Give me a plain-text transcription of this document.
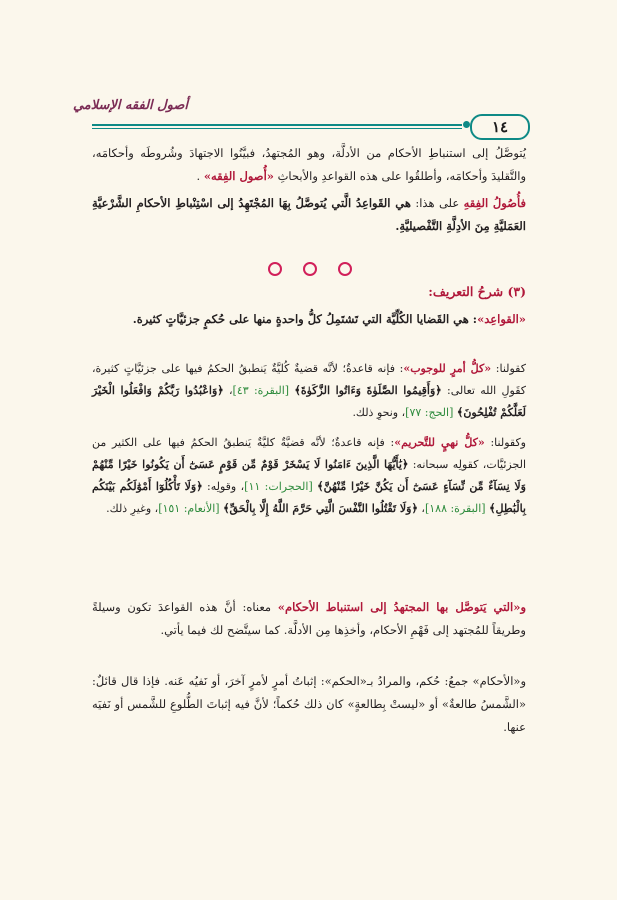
أصول الفقه الإسلامي
١٤

يُتوصَّلُ إلى استنباطِ الأحكام من الأدلَّة، وهو المُجتهدُ، فبيَّنُوا الاجتهادَ وشُروطَه وأحكامَه، والتَّقليدَ وأحكامَه، وأطلقُوا على هذه القواعدِ والأبحاثِ «أُصول الفِقه» .

فأُصُولُ الفِقهِ على هذا: هي القَواعِدُ الَّتي يُتوصَّلُ بِهَا المُجْتَهِدُ إلى اسْتِنْباطِ الأحكامِ الشَّرْعيَّةِ العَمَليَّةِ مِنَ الأدِلَّةِ التَّفْصيليَّةِ.

(٣) شرحُ التعريف:

«القواعِد»: هي القَضايا الكُلِّيَّة التي تَشتَمِلُ كلُّ واحدةٍ منها على حُكمٍ جزئيَّاتٍ كثيرة.

كقولنا: «كلُّ أمرٍ للوجوب»: فإنه قاعدةٌ؛ لأنَّه قضيةٌ كُليَّةٌ يَنطبقُ الحكمُ فيها على جزئيَّاتٍ كثيرة، كقَولِ الله تعالى: ﴿وَأَقِيمُوا الصَّلَوٰةَ وَءَاتُوا الزَّكَوٰةَ﴾ [البقرة: ٤٣]، ﴿وَاعْبُدُوا رَبَّكُمْ وَافْعَلُوا الْخَيْرَ لَعَلَّكُمْ تُفْلِحُونَ﴾ [الحج: ٧٧]، ونحوِ ذلك.

وكقولنا: «كلُّ نهيٍ للتَّحريم»: فإنه قاعدةٌ؛ لأنَّه قضيَّةٌ كليَّةٌ يَنطبقُ الحكمُ فيها على الكثير من الجزئيَّات، كقولِه سبحانه: ﴿يَٰأَيُّهَا الَّذِينَ ءَامَنُوا لَا يَسْخَرْ قَوْمٌ مِّن قَوْمٍ عَسَىٰٓ أَن يَكُونُوا خَيْرًا مِّنْهُمْ وَلَا نِسَآءٌ مِّن نِّسَآءٍ عَسَىٰٓ أَن يَكُنَّ خَيْرًا مِّنْهُنَّ﴾ [الحجرات: ١١]، وقولِه: ﴿وَلَا تَأْكُلُوٓا أَمْوَٰلَكُم بَيْنَكُم بِالْبَٰطِلِ﴾ [البقرة: ١٨٨]، ﴿وَلَا تَقْتُلُوا النَّفْسَ الَّتِي حَرَّمَ اللَّهُ إِلَّا بِالْحَقِّ﴾ [الأنعام: ١٥١]، وغيرِ ذلك.

و«التي يَتوصَّل بها المجتهدُ إلى استنباط الأحكام» معناه: أنَّ هذه القواعدَ تكون وسيلةً وطريقاً للمُجتهد إلى فَهْمِ الأحكام، وأخذِها مِن الأدلَّة. كما سيتَّضح لك فيما يأتي.

و«الأحكام» جمعُ: حُكم، والمرادُ بـ«الحكم»: إثباتُ أمرٍ لأمرٍ آخرَ، أو نَفيُه عَنه. فإذا قال قائلٌ: «الشَّمسُ طالعةٌ» أو «ليستْ بِطالعةٍ» كان ذلك حُكماً؛ لأنَّ فيه إثباتَ الطُّلوعِ للشَّمس أو نَفيَه عنها.
